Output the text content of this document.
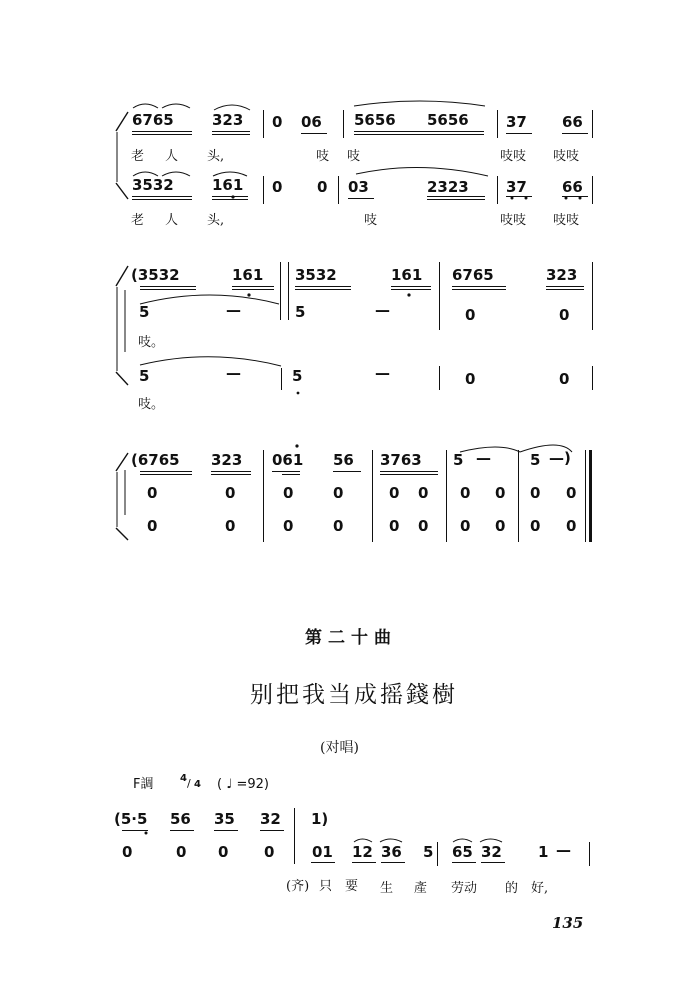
6765	323 0 06 5656 5656 37 66
老 人 头,	吱 吱	吱吱 吱吱
3532	161 0 0 03	2323 37 66
老 人 头,	吱	吱吱 吱吱
(3532	161 3532	161 6765	323
5	—	5	—	0	0
吱。
5	—	5	—	0	0
吱。
(6765 323 061 56 3763 5 —	5 —)
0	0	0	0	0 0 0 0 0 0
0	0	0	0	0 0 0 0 0 0
第二十曲
别把我当成摇錢樹
(对唱)
F調	4 / 4 ( ♩ =92)
(5·5 56 35 32 1)
0	0 0 0	01 12 36 5 65 32 1 —
(齐) 只 要 生 產 劳动 的 好,
135
